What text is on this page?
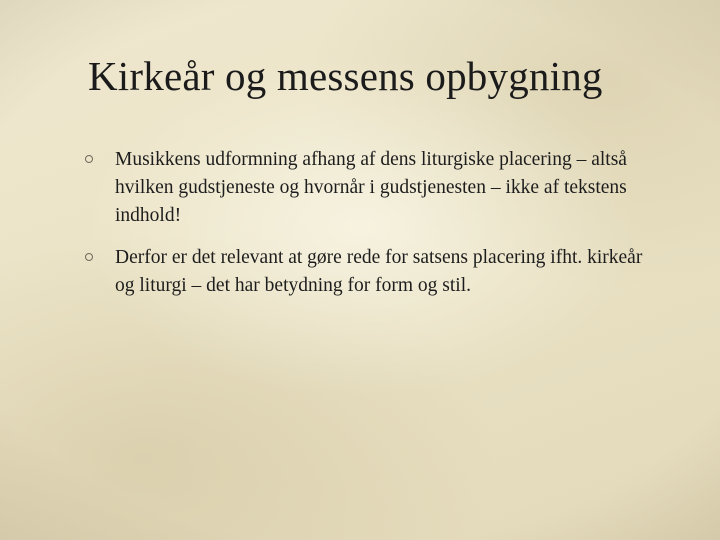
Kirkeår og messens opbygning
Musikkens udformning afhang af dens liturgiske placering – altså hvilken gudstjeneste og hvornår i gudstjenesten – ikke af tekstens indhold!
Derfor er det relevant at gøre rede for satsens placering ifht. kirkeår og liturgi – det har betydning for form og stil.
